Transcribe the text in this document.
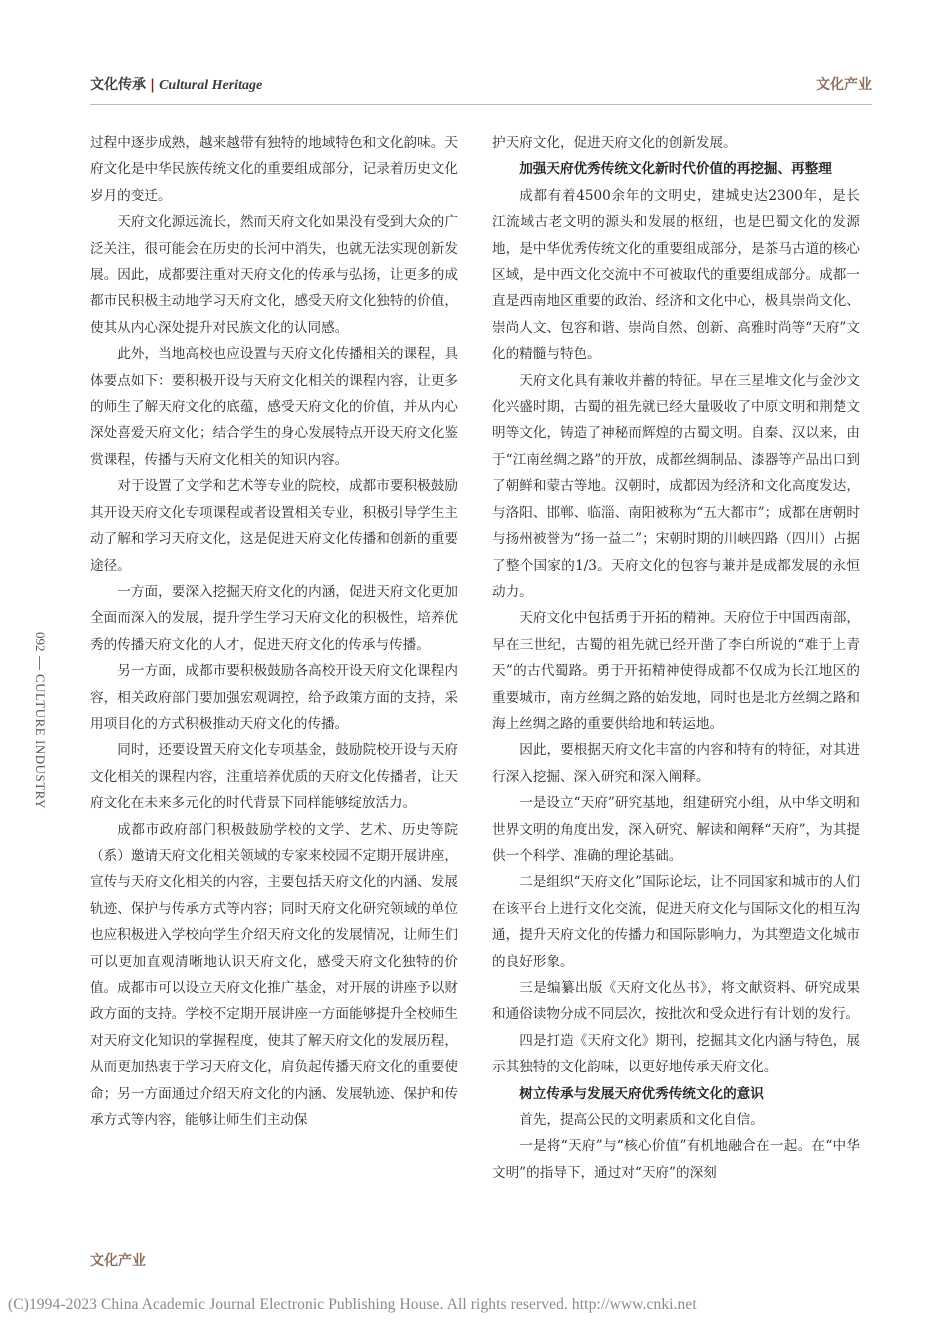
文化传承 | Cultural Heritage	文化产业
092
CULTURE INDUSTRY

过程中逐步成熟，越来越带有独特的地域特色和文化韵味。天府文化是中华民族传统文化的重要组成部分，记录着历史文化岁月的变迁。

天府文化源远流长，然而天府文化如果没有受到大众的广泛关注，很可能会在历史的长河中消失，也就无法实现创新发展。因此，成都要注重对天府文化的传承与弘扬，让更多的成都市民积极主动地学习天府文化，感受天府文化独特的价值，使其从内心深处提升对民族文化的认同感。

此外，当地高校也应设置与天府文化传播相关的课程，具体要点如下：要积极开设与天府文化相关的课程内容，让更多的师生了解天府文化的底蕴，感受天府文化的价值，并从内心深处喜爱天府文化；结合学生的身心发展特点开设天府文化鉴赏课程，传播与天府文化相关的知识内容。

对于设置了文学和艺术等专业的院校，成都市要积极鼓励其开设天府文化专项课程或者设置相关专业，积极引导学生主动了解和学习天府文化，这是促进天府文化传播和创新的重要途径。

一方面，要深入挖掘天府文化的内涵，促进天府文化更加全面而深入的发展，提升学生学习天府文化的积极性，培养优秀的传播天府文化的人才，促进天府文化的传承与传播。

另一方面，成都市要积极鼓励各高校开设天府文化课程内容，相关政府部门要加强宏观调控，给予政策方面的支持，采用项目化的方式积极推动天府文化的传播。

同时，还要设置天府文化专项基金，鼓励院校开设与天府文化相关的课程内容，注重培养优质的天府文化传播者，让天府文化在未来多元化的时代背景下同样能够绽放活力。

成都市政府部门积极鼓励学校的文学、艺术、历史等院（系）邀请天府文化相关领域的专家来校园不定期开展讲座，宣传与天府文化相关的内容，主要包括天府文化的内涵、发展轨迹、保护与传承方式等内容；同时天府文化研究领域的单位也应积极进入学校向学生介绍天府文化的发展情况，让师生们可以更加直观清晰地认识天府文化，感受天府文化独特的价值。成都市可以设立天府文化推广基金，对开展的讲座予以财政方面的支持。学校不定期开展讲座一方面能够提升全校师生对天府文化知识的掌握程度，使其了解天府文化的发展历程，从而更加热衷于学习天府文化，肩负起传播天府文化的重要使命；另一方面通过介绍天府文化的内涵、发展轨迹、保护和传承方式等内容，能够让师生们主动保

护天府文化，促进天府文化的创新发展。

加强天府优秀传统文化新时代价值的再挖掘、再整理

成都有着4500余年的文明史，建城史达2300年，是长江流域古老文明的源头和发展的枢纽，也是巴蜀文化的发源地，是中华优秀传统文化的重要组成部分，是茶马古道的核心区域，是中西文化交流中不可被取代的重要组成部分。成都一直是西南地区重要的政治、经济和文化中心，极具崇尚文化、崇尚人文、包容和谐、崇尚自然、创新、高雅时尚等“天府”文化的精髓与特色。

天府文化具有兼收并蓄的特征。早在三星堆文化与金沙文化兴盛时期，古蜀的祖先就已经大量吸收了中原文明和荆楚文明等文化，铸造了神秘而辉煌的古蜀文明。自秦、汉以来，由于“江南丝绸之路”的开放，成都丝绸制品、漆器等产品出口到了朝鲜和蒙古等地。汉朝时，成都因为经济和文化高度发达，与洛阳、邯郸、临淄、南阳被称为“五大都市”；成都在唐朝时与扬州被誉为“扬一益二”；宋朝时期的川峡四路（四川）占据了整个国家的1/3。天府文化的包容与兼并是成都发展的永恒动力。

天府文化中包括勇于开拓的精神。天府位于中国西南部，早在三世纪，古蜀的祖先就已经开凿了李白所说的“难于上青天”的古代蜀路。勇于开拓精神使得成都不仅成为长江地区的重要城市，南方丝绸之路的始发地，同时也是北方丝绸之路和海上丝绸之路的重要供给地和转运地。

因此，要根据天府文化丰富的内容和特有的特征，对其进行深入挖掘、深入研究和深入阐释。

一是设立“天府”研究基地，组建研究小组，从中华文明和世界文明的角度出发，深入研究、解读和阐释“天府”，为其提供一个科学、准确的理论基础。

二是组织“天府文化”国际论坛，让不同国家和城市的人们在该平台上进行文化交流，促进天府文化与国际文化的相互沟通，提升天府文化的传播力和国际影响力，为其塑造文化城市的良好形象。

三是编纂出版《天府文化丛书》，将文献资料、研究成果和通俗读物分成不同层次，按批次和受众进行有计划的发行。

四是打造《天府文化》期刊，挖掘其文化内涵与特色，展示其独特的文化韵味，以更好地传承天府文化。

树立传承与发展天府优秀传统文化的意识

首先，提高公民的文明素质和文化自信。

一是将“天府”与“核心价值”有机地融合在一起。在“中华文明”的指导下，通过对“天府”的深刻

文化产业
(C)1994-2023 China Academic Journal Electronic Publishing House. All rights reserved. http://www.cnki.net
